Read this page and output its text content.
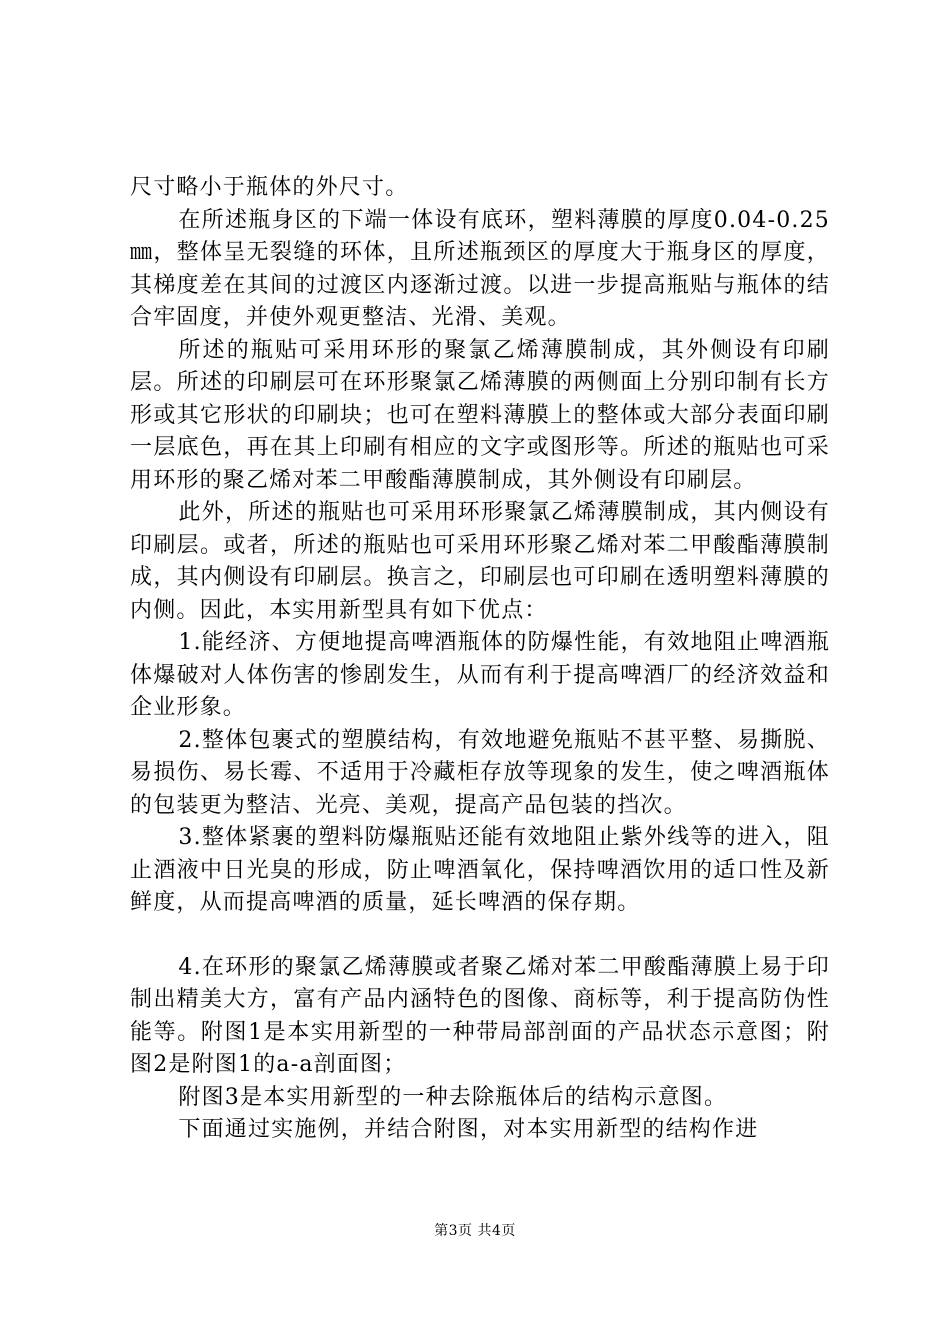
尺寸略小于瓶体的外尺寸。

在所述瓶身区的下端一体设有底环，塑料薄膜的厚度0.04-0.25㎜，整体呈无裂缝的环体，且所述瓶颈区的厚度大于瓶身区的厚度，其梯度差在其间的过渡区内逐渐过渡。以进一步提高瓶贴与瓶体的结合牢固度，并使外观更整洁、光滑、美观。

所述的瓶贴可采用环形的聚氯乙烯薄膜制成，其外侧设有印刷层。所述的印刷层可在环形聚氯乙烯薄膜的两侧面上分别印制有长方形或其它形状的印刷块；也可在塑料薄膜上的整体或大部分表面印刷一层底色，再在其上印刷有相应的文字或图形等。所述的瓶贴也可采用环形的聚乙烯对苯二甲酸酯薄膜制成，其外侧设有印刷层。

此外，所述的瓶贴也可采用环形聚氯乙烯薄膜制成，其内侧设有印刷层。或者，所述的瓶贴也可采用环形聚乙烯对苯二甲酸酯薄膜制成，其内侧设有印刷层。换言之，印刷层也可印刷在透明塑料薄膜的内侧。因此，本实用新型具有如下优点：

1.能经济、方便地提高啤酒瓶体的防爆性能，有效地阻止啤酒瓶体爆破对人体伤害的惨剧发生，从而有利于提高啤酒厂的经济效益和企业形象。

2.整体包裹式的塑膜结构，有效地避免瓶贴不甚平整、易撕脱、易损伤、易长霉、不适用于冷藏柜存放等现象的发生，使之啤酒瓶体的包装更为整洁、光亮、美观，提高产品包装的挡次。

3.整体紧裹的塑料防爆瓶贴还能有效地阻止紫外线等的进入，阻止酒液中日光臭的形成，防止啤酒氧化，保持啤酒饮用的适口性及新鲜度，从而提高啤酒的质量，延长啤酒的保存期。

4.在环形的聚氯乙烯薄膜或者聚乙烯对苯二甲酸酯薄膜上易于印制出精美大方，富有产品内涵特色的图像、商标等，利于提高防伪性能等。附图1是本实用新型的一种带局部剖面的产品状态示意图；附图2是附图1的a-a剖面图；

附图3是本实用新型的一种去除瓶体后的结构示意图。

下面通过实施例，并结合附图，对本实用新型的结构作进

第3页 共4页
